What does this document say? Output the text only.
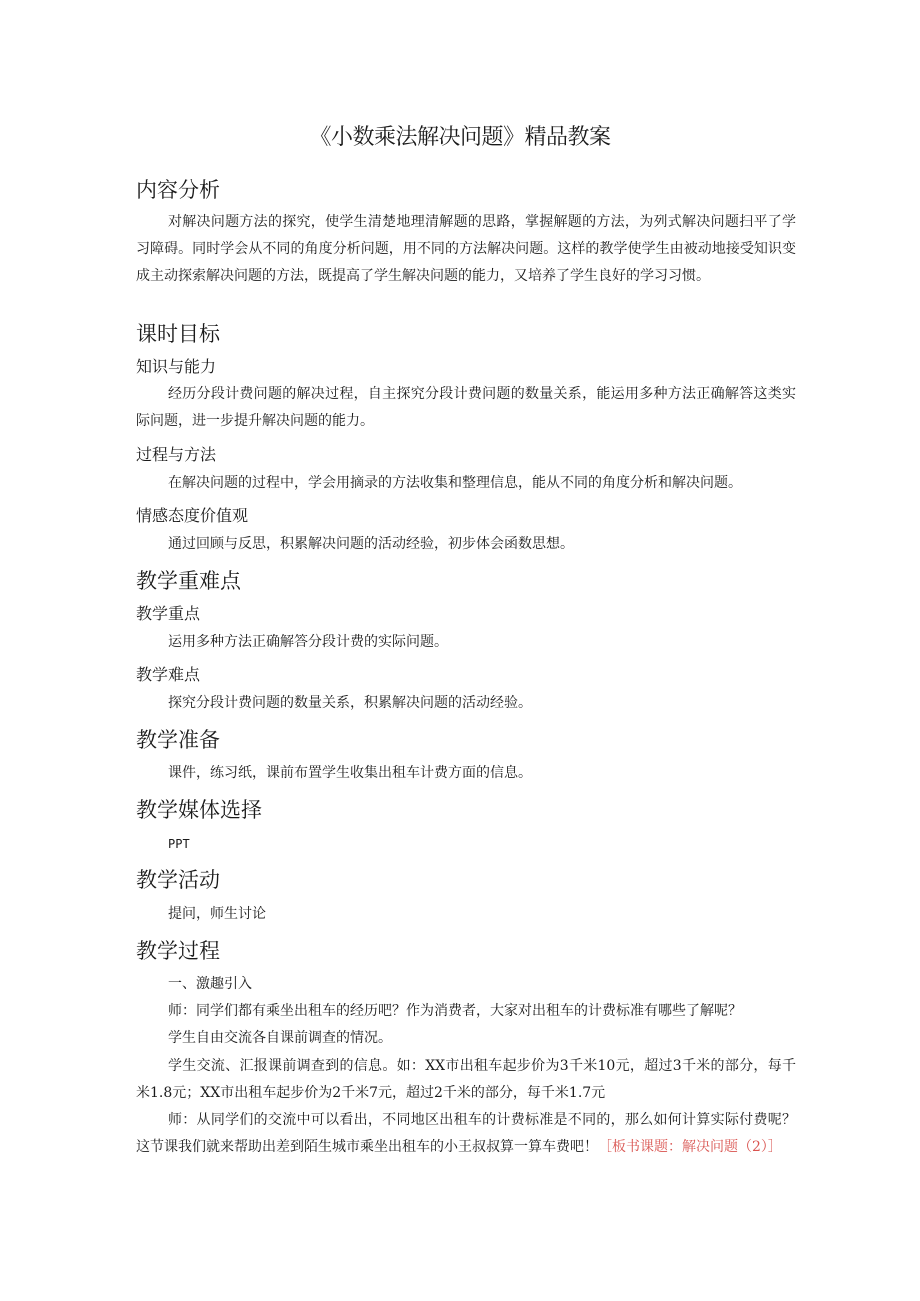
《小数乘法解决问题》精品教案
内容分析
对解决问题方法的探究，使学生清楚地理清解题的思路，掌握解题的方法，为列式解决问题扫平了学习障碍。同时学会从不同的角度分析问题，用不同的方法解决问题。这样的教学使学生由被动地接受知识变成主动探索解决问题的方法，既提高了学生解决问题的能力，又培养了学生良好的学习习惯。
课时目标
知识与能力
经历分段计费问题的解决过程，自主探究分段计费问题的数量关系，能运用多种方法正确解答这类实际问题，进一步提升解决问题的能力。
过程与方法
在解决问题的过程中，学会用摘录的方法收集和整理信息，能从不同的角度分析和解决问题。
情感态度价值观
通过回顾与反思，积累解决问题的活动经验，初步体会函数思想。
教学重难点
教学重点
运用多种方法正确解答分段计费的实际问题。
教学难点
探究分段计费问题的数量关系，积累解决问题的活动经验。
教学准备
课件，练习纸，课前布置学生收集出租车计费方面的信息。
教学媒体选择
PPT
教学活动
提问，师生讨论
教学过程
一、激趣引入
师：同学们都有乘坐出租车的经历吧？作为消费者，大家对出租车的计费标准有哪些了解呢？
学生自由交流各自课前调查的情况。
学生交流、汇报课前调查到的信息。如：XX市出租车起步价为3千米10元，超过3千米的部分，每千米1.8元；XX市出租车起步价为2千米7元，超过2千米的部分，每千米1.7元
师：从同学们的交流中可以看出，不同地区出租车的计费标准是不同的，那么如何计算实际付费呢？这节课我们就来帮助出差到陌生城市乘坐出租车的小王叔叔算一算车费吧！［板书课题：解决问题（2）］
